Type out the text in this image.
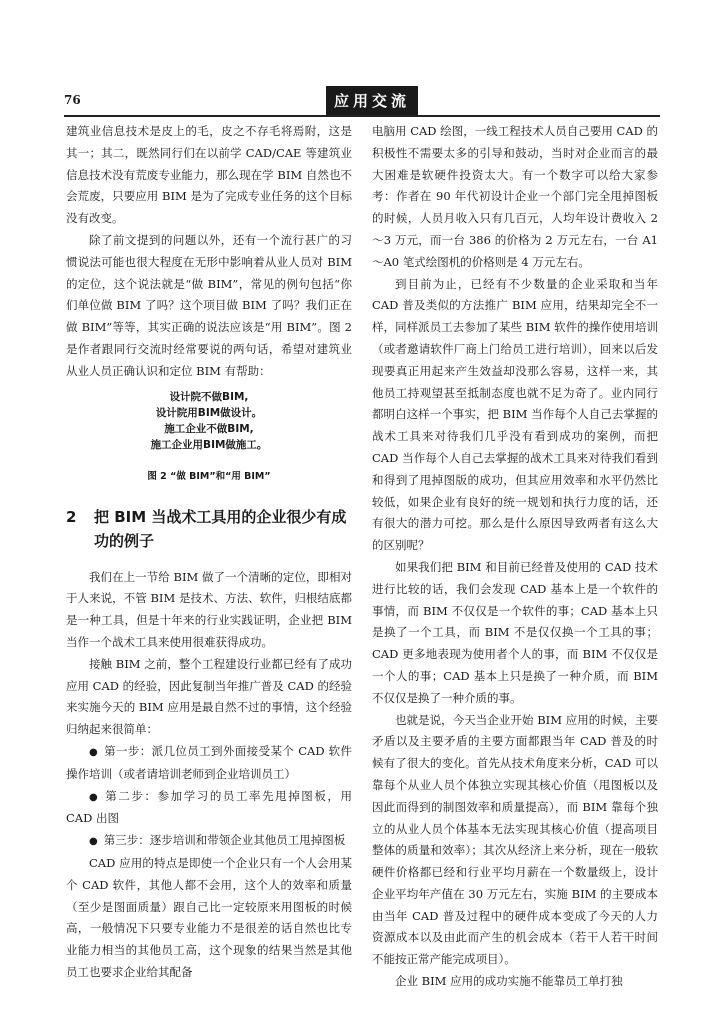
76	应用交流

建筑业信息技术是皮上的毛，皮之不存毛将焉附，这是其一；其二，既然同行们在以前学 CAD/CAE 等建筑业信息技术没有荒废专业能力，那么现在学 BIM 自然也不会荒废，只要应用 BIM 是为了完成专业任务的这个目标没有改变。

除了前文提到的问题以外，还有一个流行甚广的习惯说法可能也很大程度在无形中影响着从业人员对 BIM 的定位，这个说法就是“做 BIM”，常见的例句包括“你们单位做 BIM 了吗？这个项目做 BIM 了吗？我们正在做 BIM”等等，其实正确的说法应该是“用 BIM”。图 2 是作者跟同行交流时经常要说的两句话，希望对建筑业从业人员正确认识和定位 BIM 有帮助：

设计院不做BIM,
设计院用BIM做设计。
施工企业不做BIM,
施工企业用BIM做施工。
图 2 “做 BIM”和“用 BIM”
2	把 BIM 当战术工具用的企业很少有成功的例子

我们在上一节给 BIM 做了一个清晰的定位，即相对于人来说，不管 BIM 是技术、方法、软件，归根结底都是一种工具，但是十年来的行业实践证明，企业把 BIM 当作一个战术工具来使用很难获得成功。

接触 BIM 之前，整个工程建设行业都已经有了成功应用 CAD 的经验，因此复制当年推广普及 CAD 的经验来实施今天的 BIM 应用是最自然不过的事情，这个经验归纳起来很简单：

● 第一步：派几位员工到外面接受某个 CAD 软件操作培训（或者请培训老师到企业培训员工）

● 第二步：参加学习的员工率先甩掉图板，用 CAD 出图

● 第三步：逐步培训和带领企业其他员工甩掉图板

CAD 应用的特点是即使一个企业只有一个人会用某个 CAD 软件，其他人都不会用，这个人的效率和质量（至少是图面质量）跟自己比一定较原来用图板的时候高，一般情况下只要专业能力不是很差的话自然也比专业能力相当的其他员工高，这个现象的结果当然是其他员工也要求企业给其配备

电脑用 CAD 绘图，一线工程技术人员自己要用 CAD 的积极性不需要太多的引导和鼓动，当时对企业而言的最大困难是软硬件投资太大。有一个数字可以给大家参考：作者在 90 年代初设计企业一个部门完全甩掉图板的时候，人员月收入只有几百元，人均年设计费收入 2～3 万元，而一台 386 的价格为 2 万元左右，一台 A1～A0 笔式绘图机的价格则是 4 万元左右。

到目前为止，已经有不少数量的企业采取和当年 CAD 普及类似的方法推广 BIM 应用，结果却完全不一样，同样派员工去参加了某些 BIM 软件的操作使用培训（或者邀请软件厂商上门给员工进行培训），回来以后发现要真正用起来产生效益却没那么容易，这样一来，其他员工持观望甚至抵制态度也就不足为奇了。业内同行都明白这样一个事实，把 BIM 当作每个人自己去掌握的战术工具来对待我们几乎没有看到成功的案例，而把 CAD 当作每个人自己去掌握的战术工具来对待我们看到和得到了甩掉图版的成功，但其应用效率和水平仍然比较低，如果企业有良好的统一规划和执行力度的话，还有很大的潜力可挖。那么是什么原因导致两者有这么大的区别呢？

如果我们把 BIM 和目前已经普及使用的 CAD 技术进行比较的话，我们会发现 CAD 基本上是一个软件的事情，而 BIM 不仅仅是一个软件的事；CAD 基本上只是换了一个工具，而 BIM 不是仅仅换一个工具的事；CAD 更多地表现为使用者个人的事，而 BIM 不仅仅是一个人的事；CAD 基本上只是换了一种介质，而 BIM 不仅仅是换了一种介质的事。

也就是说，今天当企业开始 BIM 应用的时候，主要矛盾以及主要矛盾的主要方面都跟当年 CAD 普及的时候有了很大的变化。首先从技术角度来分析，CAD 可以靠每个从业人员个体独立实现其核心价值（甩图板以及因此而得到的制图效率和质量提高），而 BIM 靠每个独立的从业人员个体基本无法实现其核心价值（提高项目整体的质量和效率）；其次从经济上来分析，现在一般软硬件价格都已经和行业平均月薪在一个数量级上，设计企业平均年产值在 30 万元左右，实施 BIM 的主要成本由当年 CAD 普及过程中的硬件成本变成了今天的人力资源成本以及由此而产生的机会成本（若干人若干时间不能按正常产能完成项目）。

企业 BIM 应用的成功实施不能靠员工单打独
